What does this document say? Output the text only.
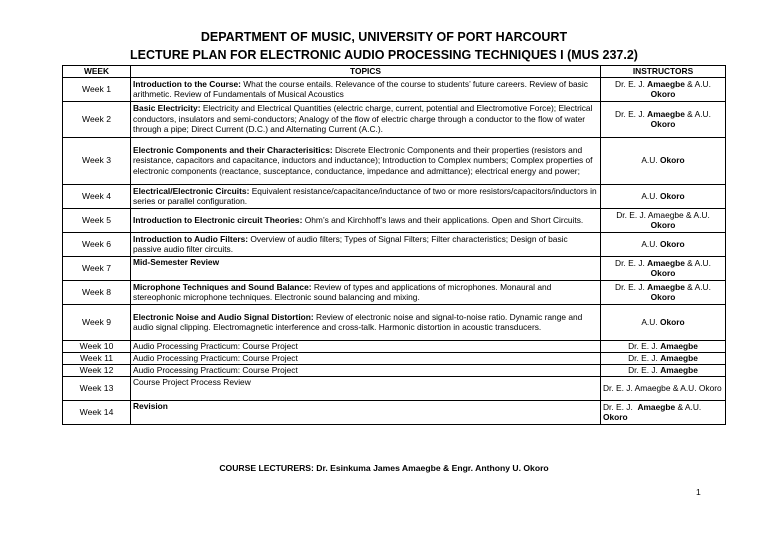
DEPARTMENT OF MUSIC, UNIVERSITY OF PORT HARCOURT
LECTURE PLAN FOR ELECTRONIC AUDIO PROCESSING TECHNIQUES I (MUS 237.2)
WEEK	TOPICS	INSTRUCTORS
Week 1	Introduction to the Course: What the course entails. Relevance of the course to students’ future careers. Review of basic arithmetic. Review of Fundamentals of Musical Acoustics	Dr. E. J. Amaegbe & A.U. Okoro
Week 2	Basic Electricity: Electricity and Electrical Quantities (electric charge, current, potential and Electromotive Force); Electrical conductors, insulators and semi-conductors; Analogy of the flow of electric charge through a conductor to the flow of water through a pipe; Direct Current (D.C.) and Alternating Current (A.C.).	Dr. E. J. Amaegbe & A.U. Okoro
Week 3	Electronic Components and their Characterisitics: Discrete Electronic Components and their properties (resistors and resistance, capacitors and capacitance, inductors and inductance); Introduction to Complex numbers; Complex properties of electronic components (reactance, susceptance, conductance, impedance and admittance); electrical energy and power;	A.U. Okoro
Week 4	Electrical/Electronic Circuits: Equivalent resistance/capacitance/inductance of two or more resistors/capacitors/inductors in series or parallel configuration.	A.U. Okoro
Week 5	Introduction to Electronic circuit Theories: Ohm’s and Kirchhoff’s laws and their applications. Open and Short Circuits.	Dr. E. J. Amaegbe & A.U. Okoro
Week 6	Introduction to Audio Filters: Overview of audio filters; Types of Signal Filters; Filter characteristics; Design of basic passive audio filter circuits.	A.U. Okoro
Week 7	Mid-Semester Review	Dr. E. J. Amaegbe & A.U. Okoro
Week 8	Microphone Techniques and Sound Balance: Review of types and applications of microphones. Monaural and stereophonic microphone techniques. Electronic sound balancing and mixing.	Dr. E. J. Amaegbe & A.U. Okoro
Week 9	Electronic Noise and Audio Signal Distortion: Review of electronic noise and signal-to-noise ratio. Dynamic range and audio signal clipping. Electromagnetic interference and cross-talk. Harmonic distortion in acoustic transducers.	A.U. Okoro
Week 10	Audio Processing Practicum: Course Project	Dr. E. J. Amaegbe
Week 11	Audio Processing Practicum: Course Project	Dr. E. J. Amaegbe
Week 12	Audio Processing Practicum: Course Project	Dr. E. J. Amaegbe
Week 13	Course Project Process Review	Dr. E. J. Amaegbe & A.U. Okoro
Week 14	Revision	Dr. E. J.  Amaegbe & A.U. Okoro
COURSE LECTURERS: Dr. Esinkuma James Amaegbe & Engr. Anthony U. Okoro
1
